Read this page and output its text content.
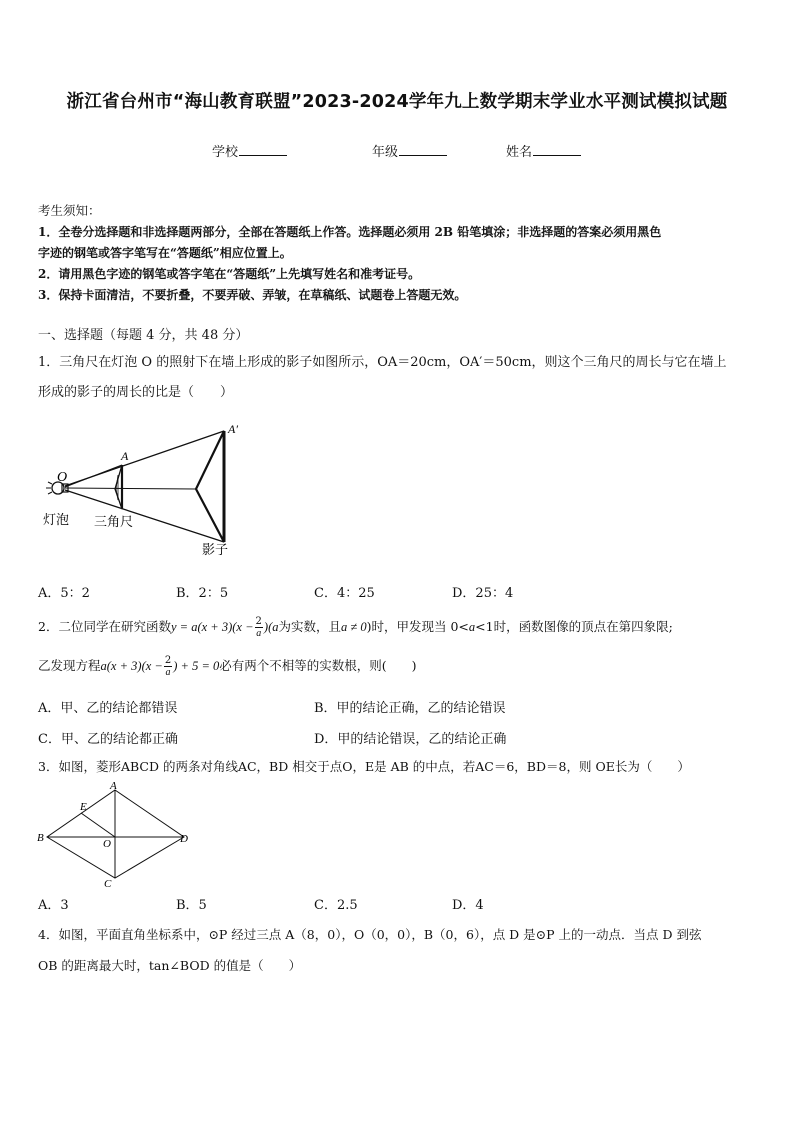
浙江省台州市“海山教育联盟”2023-2024学年九上数学期末学业水平测试模拟试题
学校	年级	姓名
考生须知：
1．全卷分选择题和非选择题两部分，全部在答题纸上作答。选择题必须用 2B 铅笔填涂；非选择题的答案必须用黑色
字迹的钢笔或答字笔写在“答题纸”相应位置上。
2．请用黑色字迹的钢笔或答字笔在“答题纸”上先填写姓名和准考证号。
3．保持卡面清洁，不要折叠，不要弄破、弄皱，在草稿纸、试题卷上答题无效。
一、选择题（每题 4 分，共 48 分）
1．三角尺在灯泡 O 的照射下在墙上形成的影子如图所示，OA＝20cm，OA′＝50cm，则这个三角尺的周长与它在墙上
形成的影子的周长的比是（　　）
O
A
A′
灯泡 三角尺
影子
A．5：2	B．2：5	C．4：25	D．25：4
2．二位同学在研究函数$y = a(x + 3)(x - \frac{2}{a} )(a$为实数，且a ≠ 0)时，甲发现当 0<a<1时，函数图像的顶点在第四象限;
乙发现方程$a(x + 3)(x - \frac{2}{a}$ ) + 5 = 0必有两个不相等的实数根，则(　　)
A．甲、乙的结论都错误	B．甲的结论正确，乙的结论错误
C．甲、乙的结论都正确	D．甲的结论错误，乙的结论正确
3．如图，菱形ABCD 的两条对角线AC，BD 相交于点O，E是 AB 的中点，若AC＝6，BD＝8，则 OE长为（　　）
A
B	D
C
E
O
A．3	B．5	C．2.5	D．4
4．如图，平面直角坐标系中，⊙P 经过三点 A（8，0），O（0，0），B（0，6），点 D 是⊙P 上的一动点．当点 D 到弦
OB 的距离最大时，tan∠BOD 的值是（　　）
